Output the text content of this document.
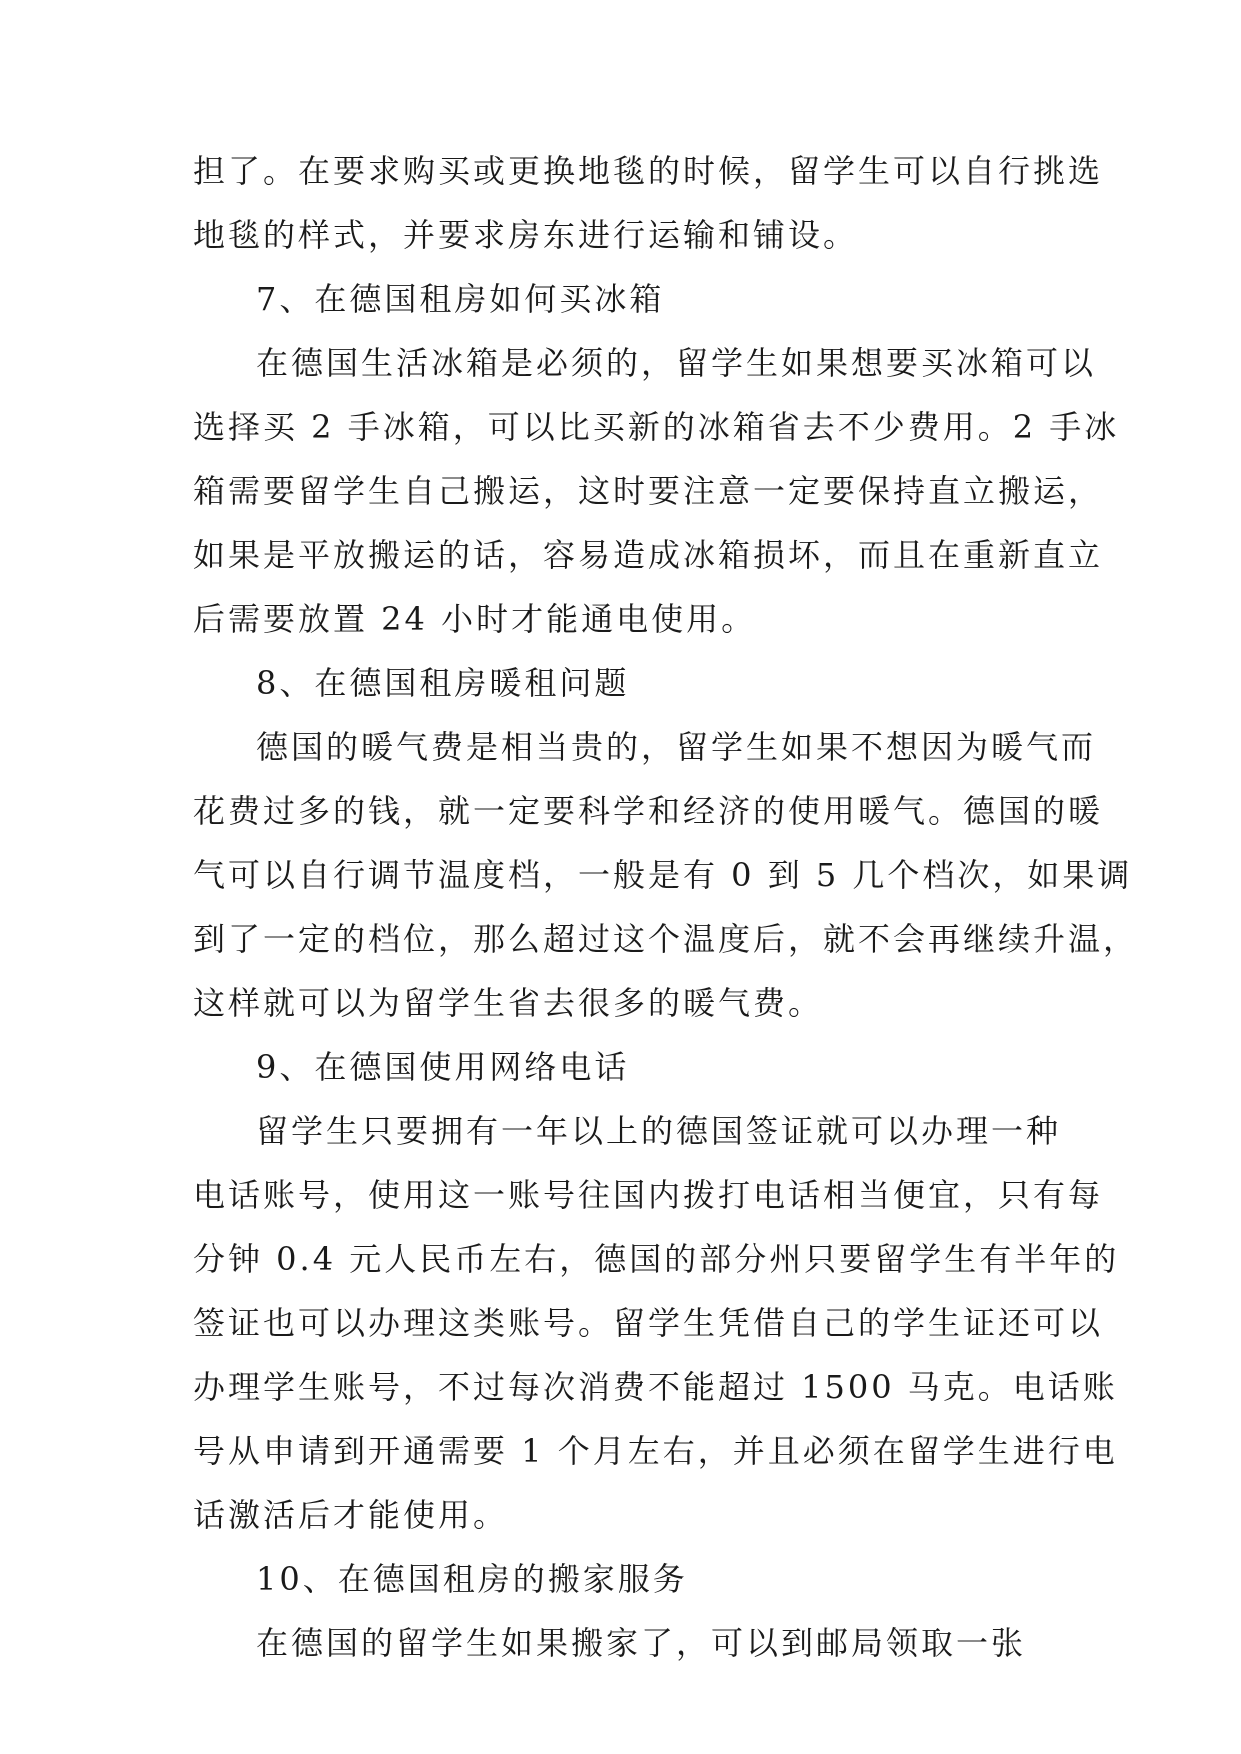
担了。在要求购买或更换地毯的时候，留学生可以自行挑选
地毯的样式，并要求房东进行运输和铺设。
7、在德国租房如何买冰箱
在德国生活冰箱是必须的，留学生如果想要买冰箱可以
选择买 2 手冰箱，可以比买新的冰箱省去不少费用。2 手冰
箱需要留学生自己搬运，这时要注意一定要保持直立搬运，
如果是平放搬运的话，容易造成冰箱损坏，而且在重新直立
后需要放置 24 小时才能通电使用。
8、在德国租房暖租问题
德国的暖气费是相当贵的，留学生如果不想因为暖气而
花费过多的钱，就一定要科学和经济的使用暖气。德国的暖
气可以自行调节温度档，一般是有 0 到 5 几个档次，如果调
到了一定的档位，那么超过这个温度后，就不会再继续升温，
这样就可以为留学生省去很多的暖气费。
9、在德国使用网络电话
留学生只要拥有一年以上的德国签证就可以办理一种
电话账号，使用这一账号往国内拨打电话相当便宜，只有每
分钟 0.4 元人民币左右，德国的部分州只要留学生有半年的
签证也可以办理这类账号。留学生凭借自己的学生证还可以
办理学生账号，不过每次消费不能超过 1500 马克。电话账
号从申请到开通需要 1 个月左右，并且必须在留学生进行电
话激活后才能使用。
10、在德国租房的搬家服务
在德国的留学生如果搬家了，可以到邮局领取一张
